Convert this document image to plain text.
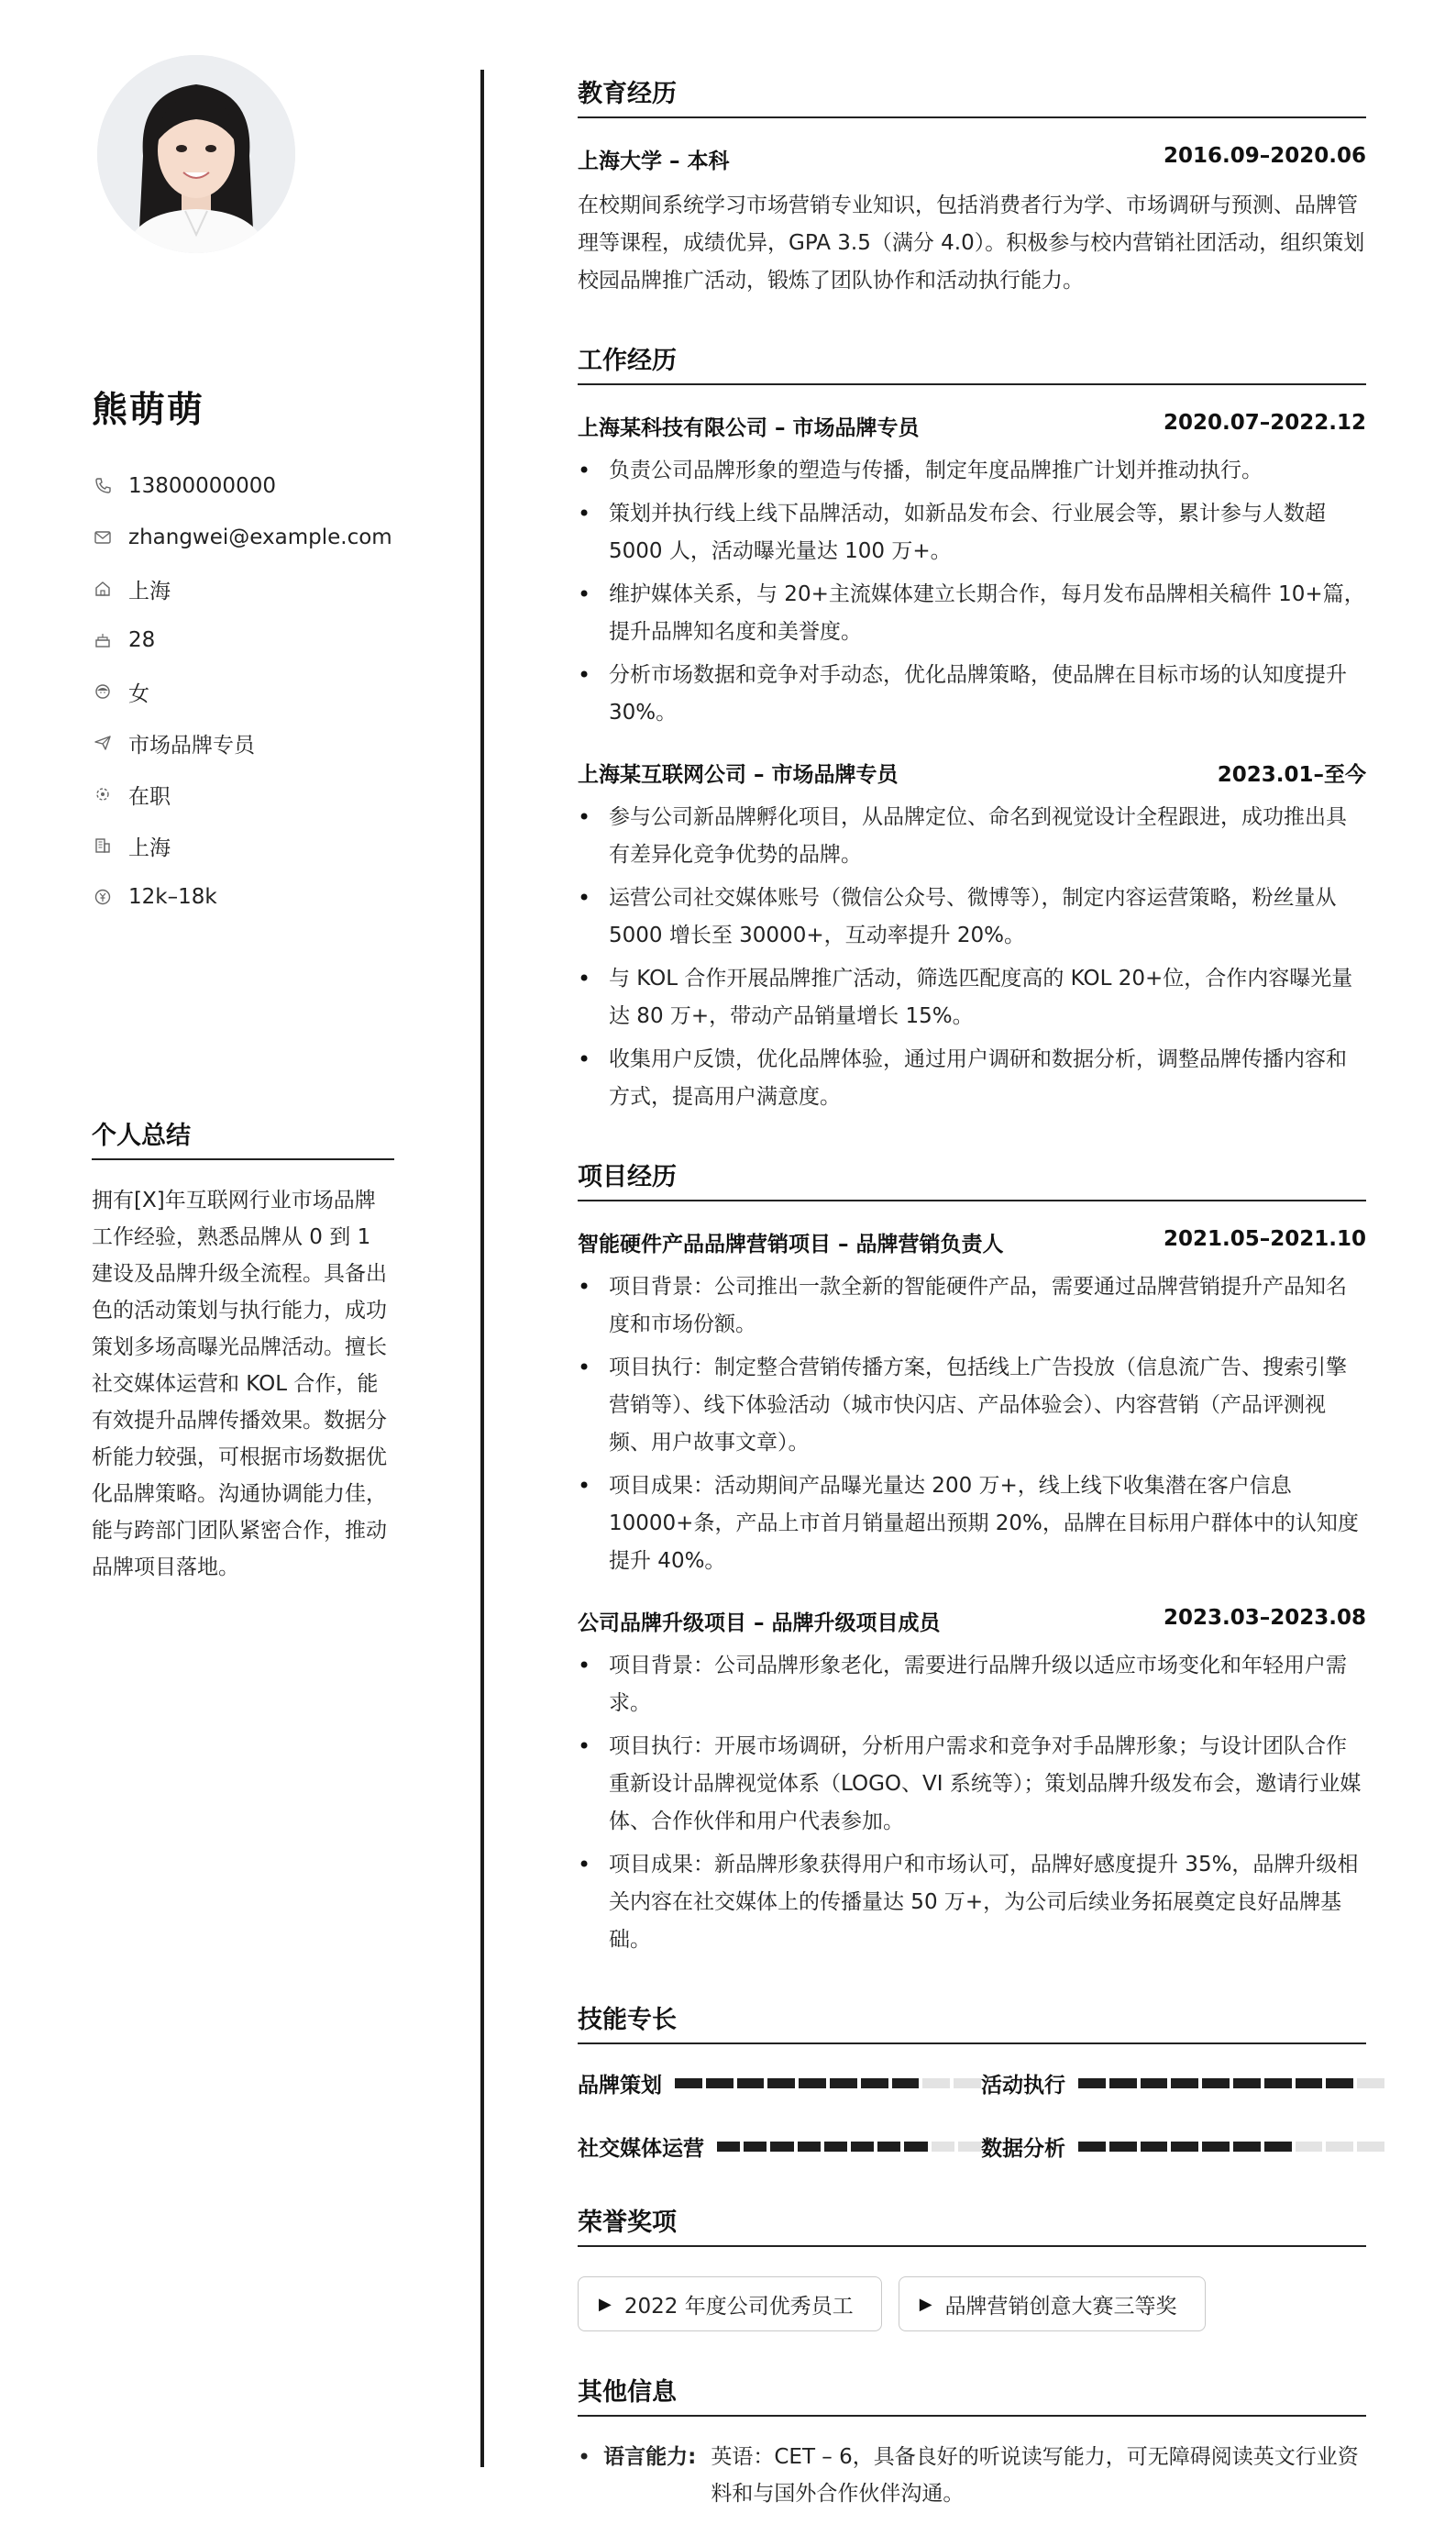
熊萌萌
13800000000
zhangwei@example.com
上海
28
女
市场品牌专员
在职
上海
12k–18k
个人总结
拥有[X]年互联网行业市场品牌工作经验，熟悉品牌从 0 到 1 建设及品牌升级全流程。具备出色的活动策划与执行能力，成功策划多场高曝光品牌活动。擅长社交媒体运营和 KOL 合作，能有效提升品牌传播效果。数据分析能力较强，可根据市场数据优化品牌策略。沟通协调能力佳，能与跨部门团队紧密合作，推动品牌项目落地。
教育经历
上海大学 – 本科	2016.09–2020.06
在校期间系统学习市场营销专业知识，包括消费者行为学、市场调研与预测、品牌管理等课程，成绩优异，GPA 3.5（满分 4.0）。积极参与校内营销社团活动，组织策划校园品牌推广活动，锻炼了团队协作和活动执行能力。
工作经历
上海某科技有限公司 – 市场品牌专员	2020.07–2022.12
• 负责公司品牌形象的塑造与传播，制定年度品牌推广计划并推动执行。
• 策划并执行线上线下品牌活动，如新品发布会、行业展会等，累计参与人数超 5000 人，活动曝光量达 100 万+。
• 维护媒体关系，与 20+主流媒体建立长期合作，每月发布品牌相关稿件 10+篇，提升品牌知名度和美誉度。
• 分析市场数据和竞争对手动态，优化品牌策略，使品牌在目标市场的认知度提升 30%。
上海某互联网公司 – 市场品牌专员	2023.01–至今
• 参与公司新品牌孵化项目，从品牌定位、命名到视觉设计全程跟进，成功推出具有差异化竞争优势的品牌。
• 运营公司社交媒体账号（微信公众号、微博等），制定内容运营策略，粉丝量从 5000 增长至 30000+，互动率提升 20%。
• 与 KOL 合作开展品牌推广活动，筛选匹配度高的 KOL 20+位，合作内容曝光量达 80 万+，带动产品销量增长 15%。
• 收集用户反馈，优化品牌体验，通过用户调研和数据分析，调整品牌传播内容和方式，提高用户满意度。
项目经历
智能硬件产品品牌营销项目 – 品牌营销负责人	2021.05–2021.10
• 项目背景：公司推出一款全新的智能硬件产品，需要通过品牌营销提升产品知名度和市场份额。
• 项目执行：制定整合营销传播方案，包括线上广告投放（信息流广告、搜索引擎营销等）、线下体验活动（城市快闪店、产品体验会）、内容营销（产品评测视频、用户故事文章）。
• 项目成果：活动期间产品曝光量达 200 万+，线上线下收集潜在客户信息 10000+条，产品上市首月销量超出预期 20%，品牌在目标用户群体中的认知度提升 40%。
公司品牌升级项目 – 品牌升级项目成员	2023.03–2023.08
• 项目背景：公司品牌形象老化，需要进行品牌升级以适应市场变化和年轻用户需求。
• 项目执行：开展市场调研，分析用户需求和竞争对手品牌形象；与设计团队合作重新设计品牌视觉体系（LOGO、VI 系统等）；策划品牌升级发布会，邀请行业媒体、合作伙伴和用户代表参加。
• 项目成果：新品牌形象获得用户和市场认可，品牌好感度提升 35%，品牌升级相关内容在社交媒体上的传播量达 50 万+，为公司后续业务拓展奠定良好品牌基础。
技能专长
品牌策划	活动执行
社交媒体运营	数据分析
荣誉奖项
▶ 2022 年度公司优秀员工	▶ 品牌营销创意大赛三等奖
其他信息
• 语言能力: 英语：CET – 6，具备良好的听说读写能力，可无障碍阅读英文行业资料和与国外合作伙伴沟通。
